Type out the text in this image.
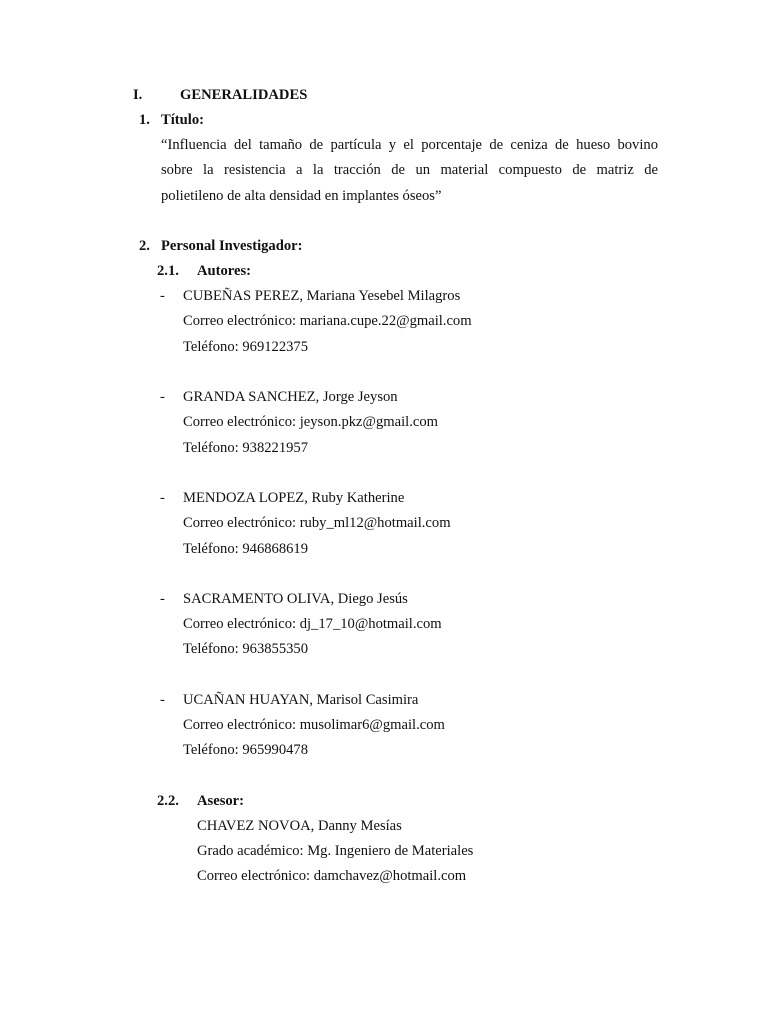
I.	GENERALIDADES
1. Título:
“Influencia del tamaño de partícula y el porcentaje de ceniza de hueso bovino
sobre la resistencia a la tracción de un material compuesto de matriz de
polietileno de alta densidad en implantes óseos”
2. Personal Investigador:
2.1. Autores:
- CUBEÑAS PEREZ, Mariana Yesebel Milagros
Correo electrónico: mariana.cupe.22@gmail.com
Teléfono: 969122375
- GRANDA SANCHEZ, Jorge Jeyson
Correo electrónico: jeyson.pkz@gmail.com
Teléfono: 938221957
- MENDOZA LOPEZ, Ruby Katherine
Correo electrónico: ruby_ml12@hotmail.com
Teléfono: 946868619
- SACRAMENTO OLIVA, Diego Jesús
Correo electrónico: dj_17_10@hotmail.com
Teléfono: 963855350
- UCAÑAN HUAYAN, Marisol Casimira
Correo electrónico: musolimar6@gmail.com
Teléfono: 965990478
2.2. Asesor:
CHAVEZ NOVOA, Danny Mesías
Grado académico: Mg. Ingeniero de Materiales
Correo electrónico: damchavez@hotmail.com
